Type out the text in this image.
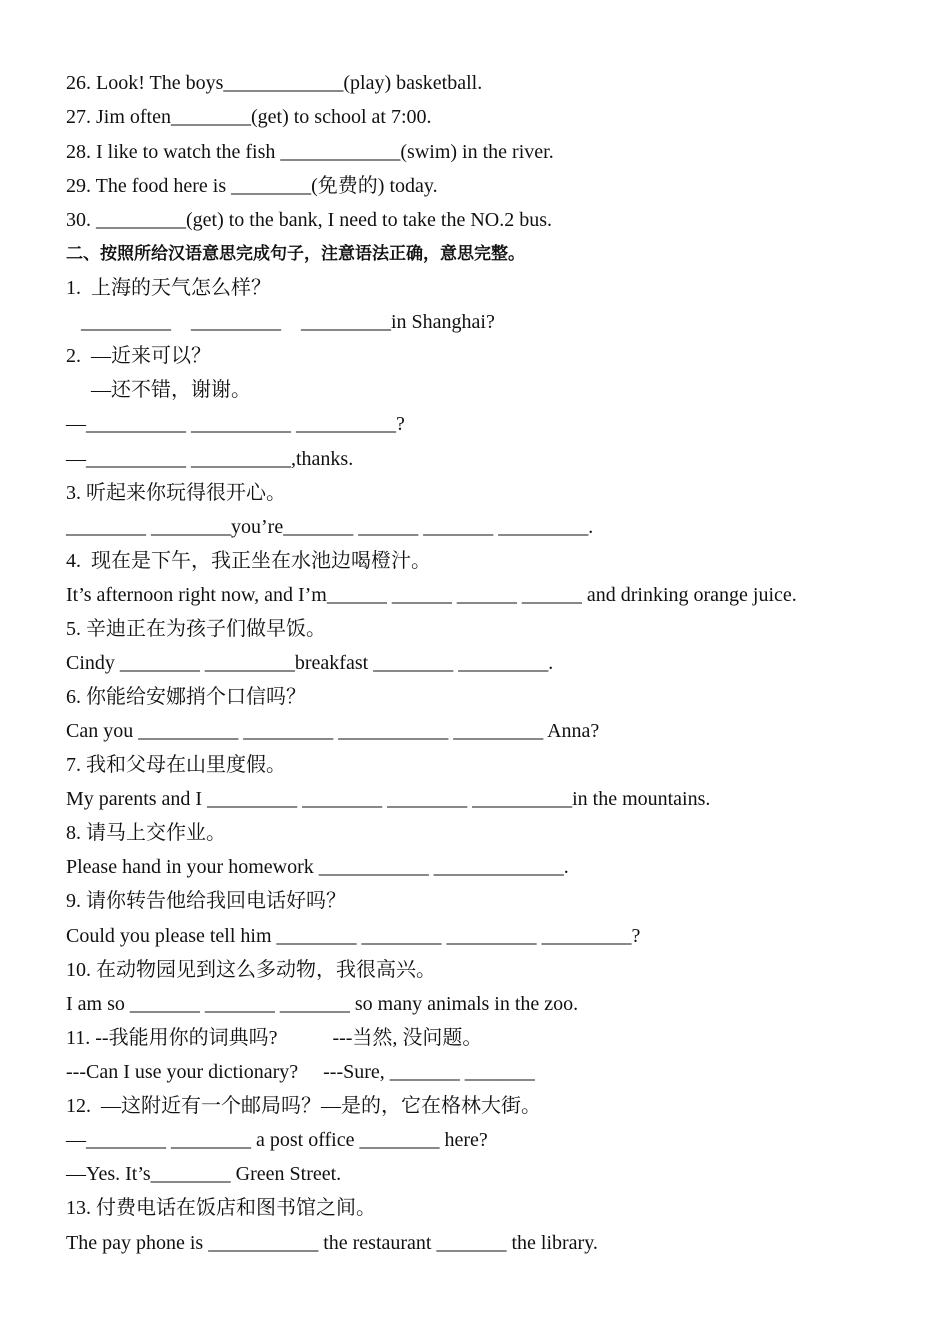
26. Look! The boys____________(play) basketball.

27. Jim often________(get) to school at 7:00.

28. I like to watch the fish ____________(swim) in the river.

29. The food here is ________(免费的) today.

30. _________(get) to the bank, I need to take the NO.2 bus.

二、按照所给汉语意思完成句子，注意语法正确，意思完整。

1.  上海的天气怎么样？

_________    _________    _________in Shanghai?

2.  —近来可以？

—还不错，谢谢。

—__________ __________ __________?

—__________ __________,thanks.

3. 听起来你玩得很开心。

________ ________you’re_______ ______ _______ _________.

4.  现在是下午，我正坐在水池边喝橙汁。

It’s afternoon right now, and I’m______ ______ ______ ______ and drinking orange juice.

5. 辛迪正在为孩子们做早饭。

Cindy ________ _________breakfast ________ _________.

6. 你能给安娜捎个口信吗？

Can you __________ _________ ___________ _________ Anna?

7. 我和父母在山里度假。

My parents and I _________ ________ ________ __________in the mountains.

8. 请马上交作业。

Please hand in your homework ___________ _____________.

9. 请你转告他给我回电话好吗？

Could you please tell him ________ ________ _________ _________?

10. 在动物园见到这么多动物，我很高兴。

I am so _______ _______ _______ so many animals in the zoo.

11. --我能用你的词典吗?           ---当然, 没问题。

---Can I use your dictionary?     ---Sure, _______ _______

12.  —这附近有一个邮局吗？—是的，它在格林大街。

—________ ________ a post office ________ here?

—Yes. It’s________ Green Street.

13. 付费电话在饭店和图书馆之间。

The pay phone is ___________ the restaurant _______ the library.
